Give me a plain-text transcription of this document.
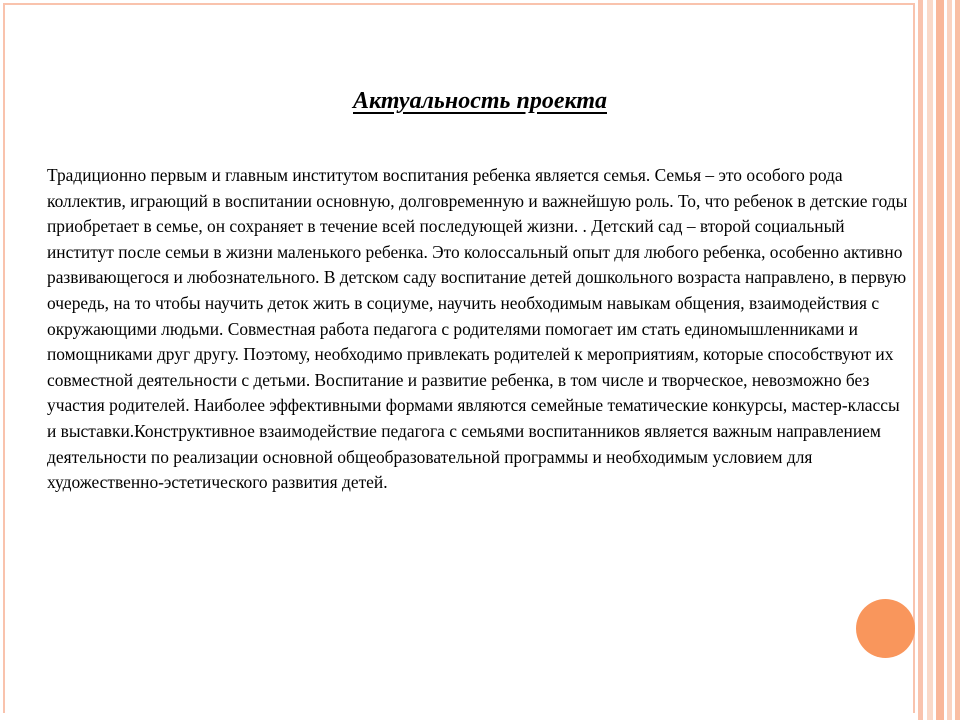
Актуальность проекта

Традиционно первым и главным институтом воспитания ребенка является семья. Семья – это особого рода коллектив, играющий в воспитании основную, долговременную и важнейшую роль. То, что ребенок в детские годы приобретает в семье, он сохраняет в течение всей последующей жизни. . Детский сад – второй социальный институт после семьи в жизни маленького ребенка. Это колоссальный опыт для любого ребенка, особенно активно развивающегося и любознательного. В детском саду воспитание детей дошкольного возраста направлено, в первую очередь, на то чтобы научить деток жить в социуме, научить необходимым навыкам общения, взаимодействия с окружающими людьми. Совместная работа педагога с родителями помогает им стать единомышленниками и помощниками друг другу. Поэтому, необходимо привлекать родителей к мероприятиям, которые способствуют их совместной деятельности с детьми. Воспитание и развитие ребенка, в том числе и творческое, невозможно без участия родителей. Наиболее эффективными формами являются семейные тематические конкурсы, мастер-классы и выставки.Конструктивное взаимодействие педагога с семьями воспитанников является важным направлением деятельности по реализации основной общеобразовательной программы и необходимым условием для художественно-эстетического развития детей.
